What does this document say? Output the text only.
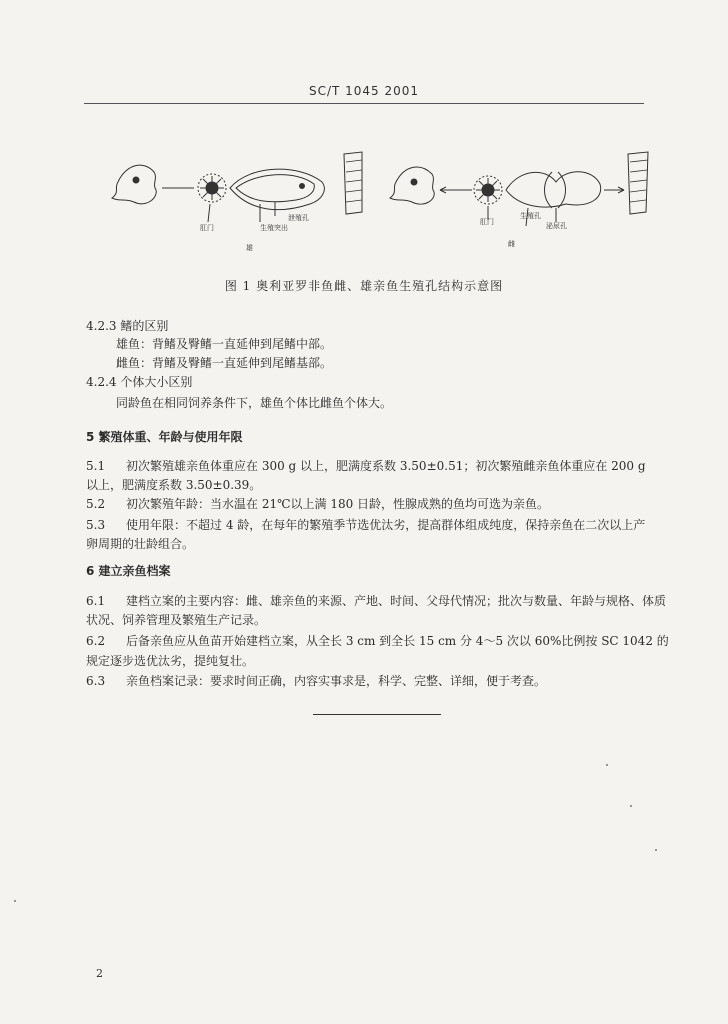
SC/T 1045 2001
肛门	生殖突出
泄殖孔
雄
肛门
生殖孔
泌尿孔
雌
图 1 奥利亚罗非鱼雌、雄亲鱼生殖孔结构示意图
4.2.3 鳍的区别
雄鱼：背鳍及臀鳍一直延伸到尾鳍中部。
雌鱼：背鳍及臀鳍一直延伸到尾鳍基部。
4.2.4 个体大小区别
同龄鱼在相同饲养条件下，雄鱼个体比雌鱼个体大。
5 繁殖体重、年龄与使用年限
5.1 初次繁殖雄亲鱼体重应在 300 g 以上，肥满度系数 3.50±0.51；初次繁殖雌亲鱼体重应在 200 g
以上，肥满度系数 3.50±0.39。
5.2 初次繁殖年龄：当水温在 21℃以上满 180 日龄，性腺成熟的鱼均可选为亲鱼。
5.3 使用年限：不超过 4 龄，在每年的繁殖季节选优汰劣，提高群体组成纯度，保持亲鱼在二次以上产
卵周期的壮龄组合。
6 建立亲鱼档案
6.1 建档立案的主要内容：雌、雄亲鱼的来源、产地、时间、父母代情况；批次与数量、年龄与规格、体质
状况、饲养管理及繁殖生产记录。
6.2 后备亲鱼应从鱼苗开始建档立案，从全长 3 cm 到全长 15 cm 分 4～5 次以 60%比例按 SC 1042 的
规定逐步选优汰劣，提纯复壮。
6.3 亲鱼档案记录：要求时间正确，内容实事求是，科学、完整、详细，便于考查。
2
